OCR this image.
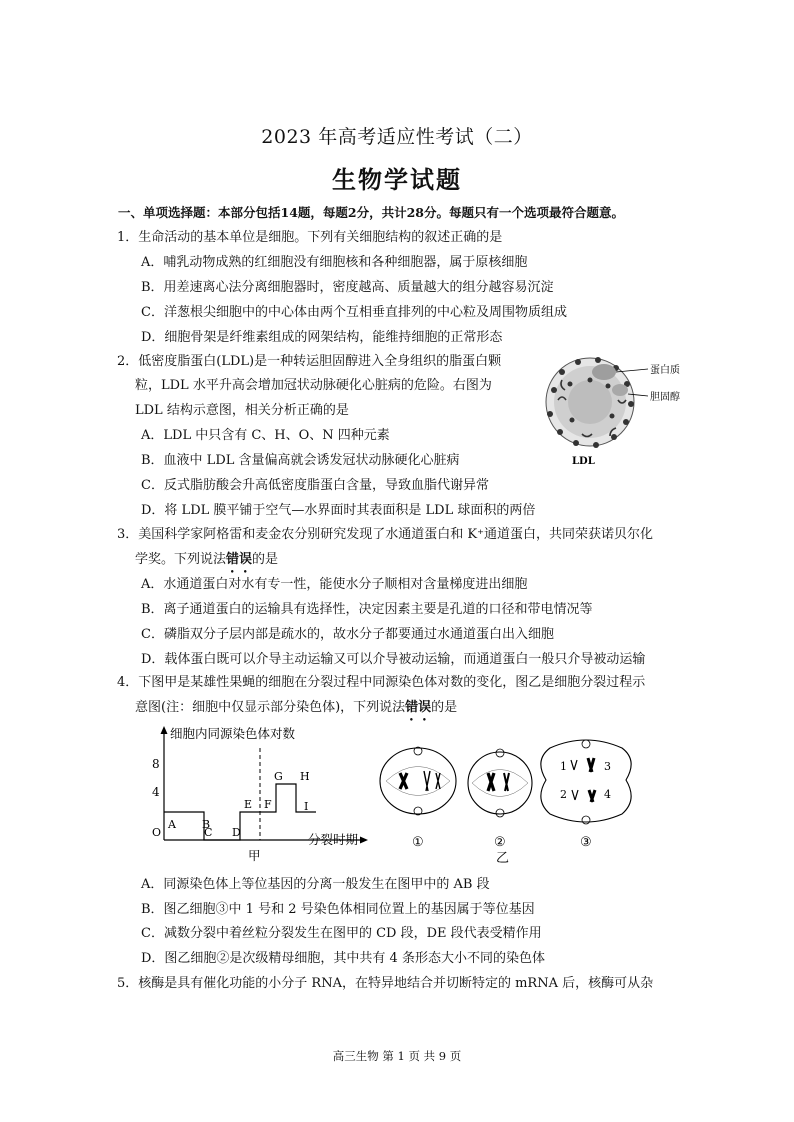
2023 年高考适应性考试（二）
生物学试题
一、单项选择题：本部分包括14题，每题2分，共计28分。每题只有一个选项最符合题意。
1．生命活动的基本单位是细胞。下列有关细胞结构的叙述正确的是
A．哺乳动物成熟的红细胞没有细胞核和各种细胞器，属于原核细胞
B．用差速离心法分离细胞器时，密度越高、质量越大的组分越容易沉淀
C．洋葱根尖细胞中的中心体由两个互相垂直排列的中心粒及周围物质组成
D．细胞骨架是纤维素组成的网架结构，能维持细胞的正常形态
2．低密度脂蛋白(LDL)是一种转运胆固醇进入全身组织的脂蛋白颗
粒，LDL 水平升高会增加冠状动脉硬化心脏病的危险。右图为
LDL 结构示意图，相关分析正确的是
A．LDL 中只含有 C、H、O、N 四种元素
B．血液中 LDL 含量偏高就会诱发冠状动脉硬化心脏病
C．反式脂肪酸会升高低密度脂蛋白含量，导致血脂代谢异常
D．将 LDL 膜平铺于空气—水界面时其表面积是 LDL 球面积的两倍
蛋白质
胆固醇
LDL
3．美国科学家阿格雷和麦金农分别研究发现了水通道蛋白和 K⁺通道蛋白，共同荣获诺贝尔化
学奖。下列说法错误的是
A．水通道蛋白对水有专一性，能使水分子顺相对含量梯度进出细胞
B．离子通道蛋白的运输具有选择性，决定因素主要是孔道的口径和带电情况等
C．磷脂双分子层内部是疏水的，故水分子都要通过水通道蛋白出入细胞
D．载体蛋白既可以介导主动运输又可以介导被动运输，而通道蛋白一般只介导被动运输
4．下图甲是某雄性果蝇的细胞在分裂过程中同源染色体对数的变化，图乙是细胞分裂过程示
意图(注：细胞中仅显示部分染色体)，下列说法错误的是
细胞内同源染色体对数
分裂时期
O
甲
8
4
A B
C D
E F
G H
I
①	②
乙
1	3
2	4
③
A．同源染色体上等位基因的分离一般发生在图甲中的 AB 段
B．图乙细胞③中 1 号和 2 号染色体相同位置上的基因属于等位基因
C．减数分裂中着丝粒分裂发生在图甲的 CD 段，DE 段代表受精作用
D．图乙细胞②是次级精母细胞，其中共有 4 条形态大小不同的染色体
5．核酶是具有催化功能的小分子 RNA，在特异地结合并切断特定的 mRNA 后，核酶可从杂
高三生物 第 1 页 共 9 页
